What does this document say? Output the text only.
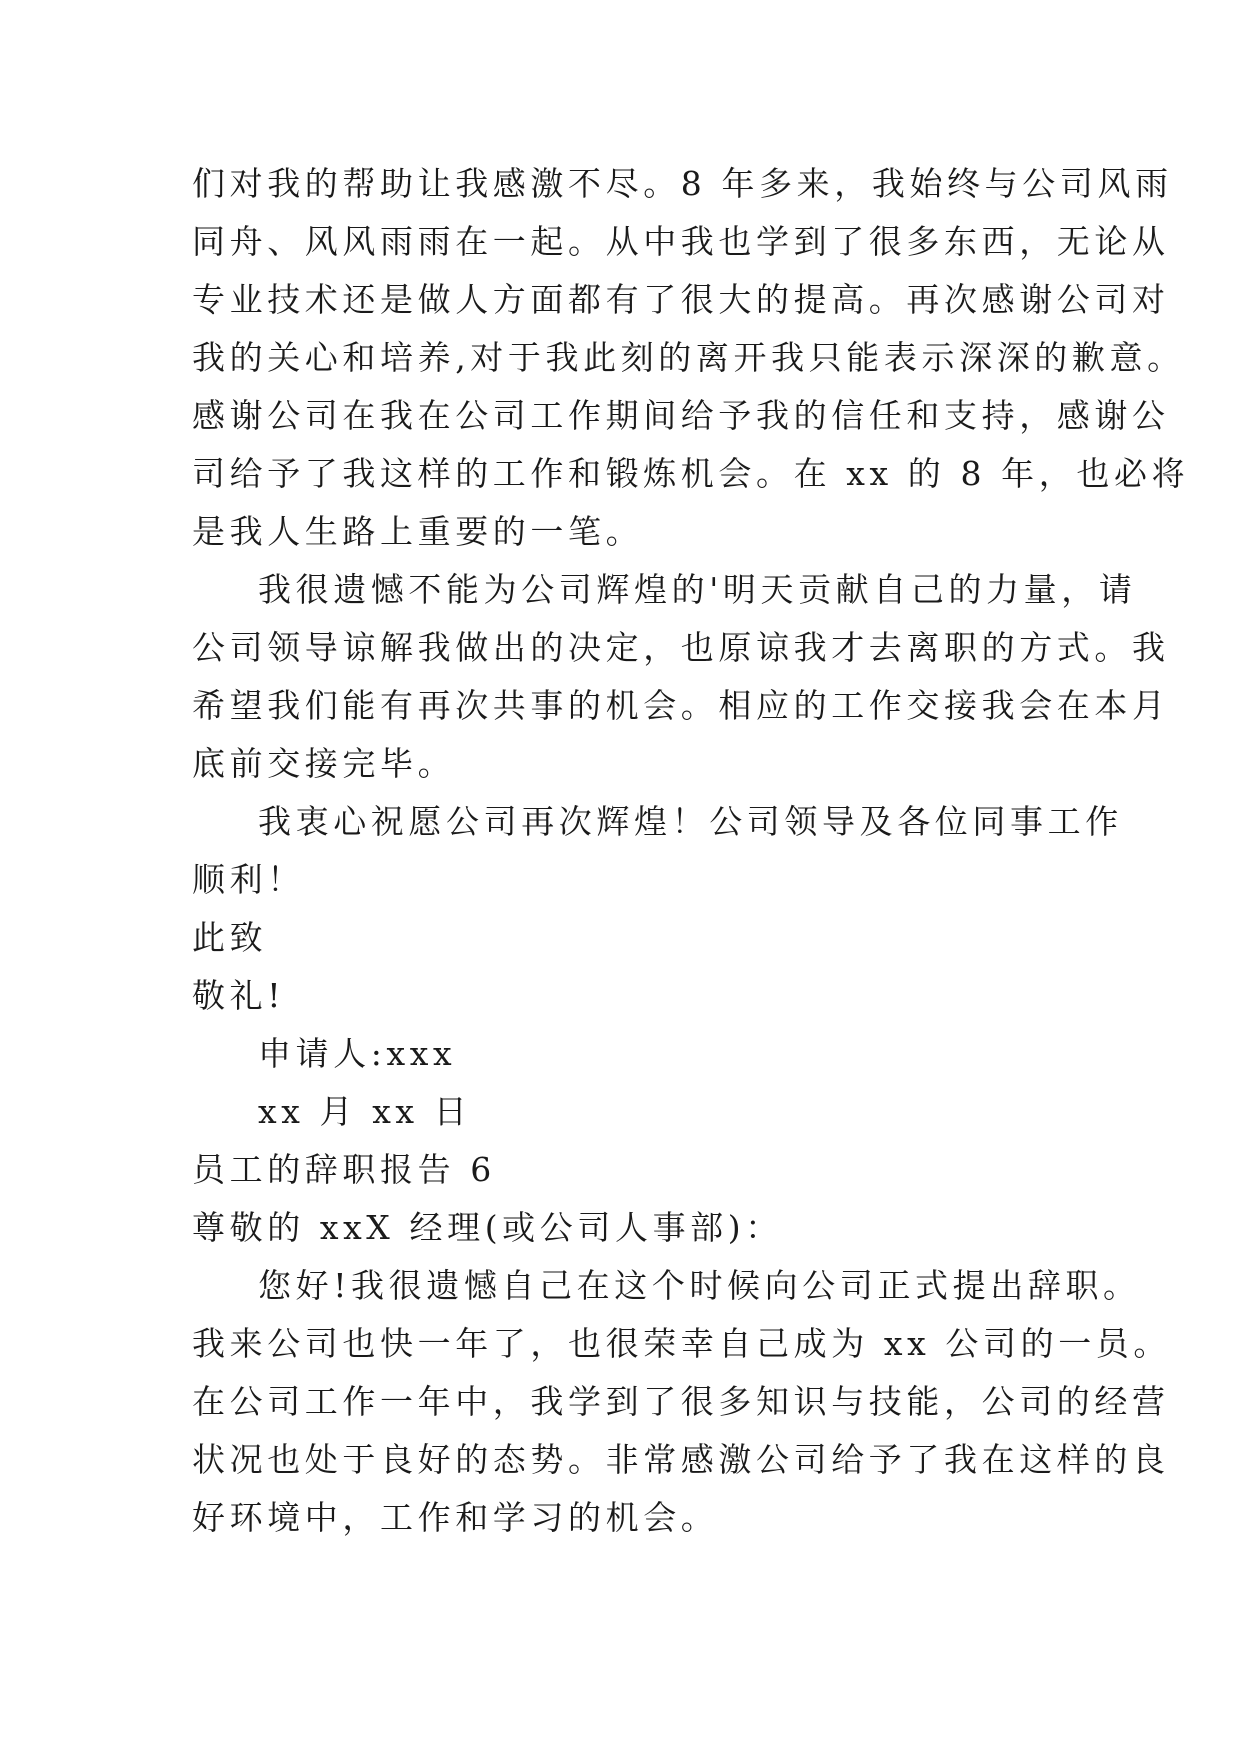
们对我的帮助让我感激不尽。8 年多来，我始终与公司风雨
同舟、风风雨雨在一起。从中我也学到了很多东西，无论从
专业技术还是做人方面都有了很大的提高。再次感谢公司对
我的关心和培养,对于我此刻的离开我只能表示深深的歉意。
感谢公司在我在公司工作期间给予我的信任和支持，感谢公
司给予了我这样的工作和锻炼机会。在 xx 的 8 年，也必将
是我人生路上重要的一笔。
我很遗憾不能为公司辉煌的'明天贡献自己的力量，请
公司领导谅解我做出的决定，也原谅我才去离职的方式。我
希望我们能有再次共事的机会。相应的工作交接我会在本月
底前交接完毕。
我衷心祝愿公司再次辉煌！公司领导及各位同事工作
顺利！
此致
敬礼!
申请人:xxx
xx 月 xx 日
员工的辞职报告 6
尊敬的 xxX 经理(或公司人事部)：
您好!我很遗憾自己在这个时候向公司正式提出辞职。
我来公司也快一年了，也很荣幸自己成为 xx 公司的一员。
在公司工作一年中，我学到了很多知识与技能，公司的经营
状况也处于良好的态势。非常感激公司给予了我在这样的良
好环境中，工作和学习的机会。
